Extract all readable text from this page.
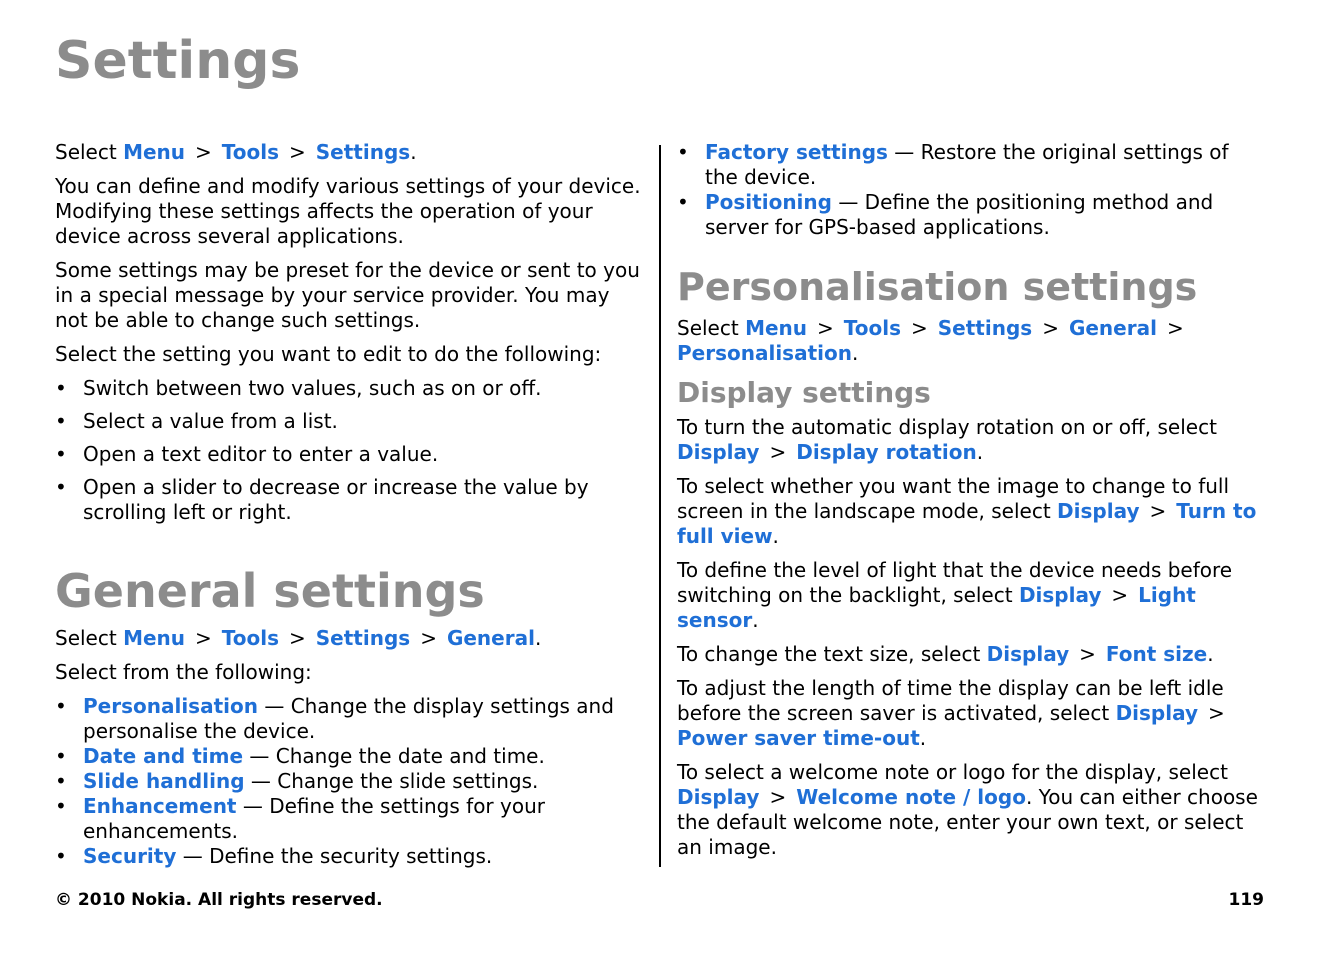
Settings

Select Menu > Tools > Settings.

You can define and modify various settings of your device. Modifying these settings affects the operation of your device across several applications.

Some settings may be preset for the device or sent to you in a special message by your service provider. You may not be able to change such settings.

Select the setting you want to edit to do the following:

• Switch between two values, such as on or off.
• Select a value from a list.
• Open a text editor to enter a value.
• Open a slider to decrease or increase the value by scrolling left or right.
General settings

Select Menu > Tools > Settings > General.

Select from the following:

• Personalisation — Change the display settings and personalise the device.
• Date and time — Change the date and time.
• Slide handling — Change the slide settings.
• Enhancement — Define the settings for your enhancements.
• Security — Define the security settings.
• Factory settings — Restore the original settings of the device.
• Positioning — Define the positioning method and server for GPS-based applications.
Personalisation settings

Select Menu > Tools > Settings > General >Personalisation.

Display settings

To turn the automatic display rotation on or off, select Display > Display rotation.

To select whether you want the image to change to full screen in the landscape mode, select Display > Turn to full view.

To define the level of light that the device needs before switching on the backlight, select Display > Light sensor.

To change the text size, select Display > Font size.

To adjust the length of time the display can be left idle before the screen saver is activated, select Display >Power saver time-out.

To select a welcome note or logo for the display, select Display > Welcome note / logo. You can either choose the default welcome note, enter your own text, or select an image.

© 2010 Nokia. All rights reserved.	119
